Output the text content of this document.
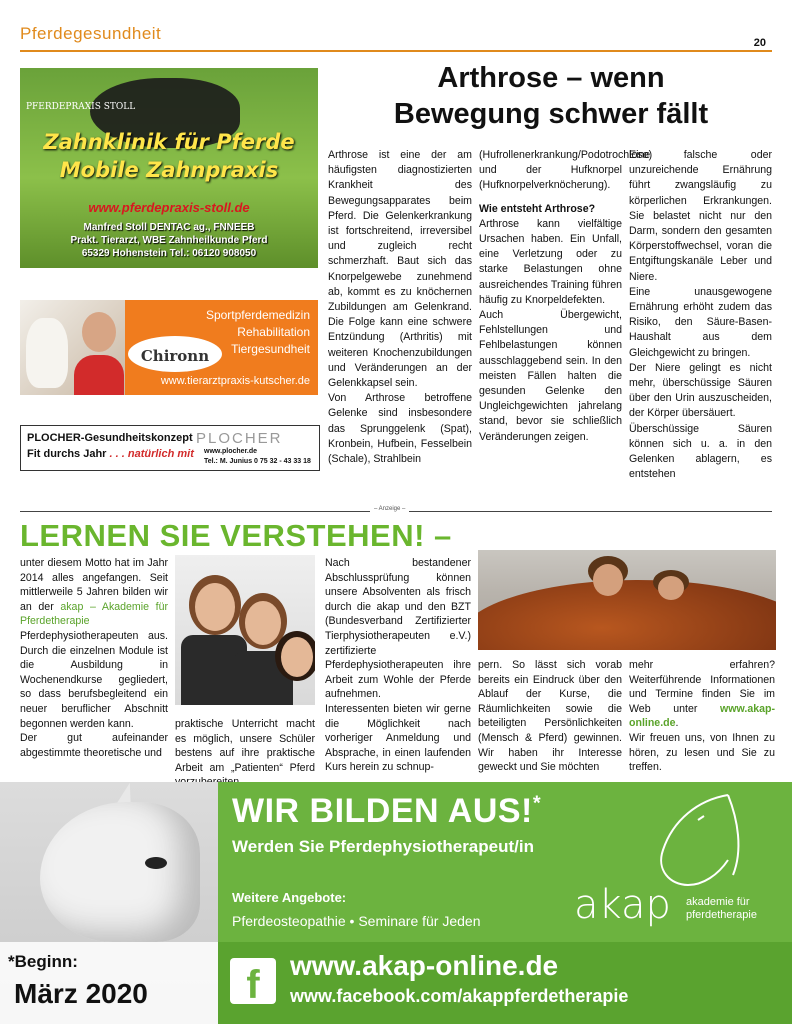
Pferdegesundheit	20
PFERDEPRAXIS STOLL
Zahnklinik für Pferde
Mobile Zahnpraxis
www.pferdepraxis-stoll.de
Manfred Stoll DENTAC ag., FNNEEB
Prakt. Tierarzt, WBE Zahnheilkunde Pferd
65329 Hohenstein Tel.: 06120 908050
Sportpferdemedizin
Rehabilitation
Tiergesundheit
Chironn
www.tierarztpraxis-kutscher.de
PLOCHER-Gesundheitskonzept
Fit durchs Jahr . . . natürlich mit
PLOCHER
www.plocher.de
Tel.: M. Junius 0 75 32 - 43 33 18
Arthrose – wenn
Bewegung schwer fällt

Arthrose ist eine der am häufigsten diagnostizierten Krankheit des Bewegungsapparates beim Pferd. Die Gelenkerkrankung ist fortschreitend, irreversibel und zugleich recht schmerzhaft. Baut sich das Knorpelgewebe zunehmend ab, kommt es zu knöchernen Zubildungen am Gelenkrand. Die Folge kann eine schwere Entzündung (Arthritis) mit weiteren Knochenzubildungen und Veränderungen an der Gelenkkapsel sein.

Von Arthrose betroffene Gelenke sind insbesondere das Sprunggelenk (Spat), Kronbein, Hufbein, Fesselbein (Schale), Strahlbein

(Hufrollenerkrankung/Podotrochlose) und der Hufknorpel (Hufknorpelverknöcherung).

Wie entsteht Arthrose?

Arthrose kann vielfältige Ursachen haben. Ein Unfall, eine Verletzung oder zu starke Belastungen ohne ausreichendes Training führen häufig zu Knorpeldefekten.

Auch Übergewicht, Fehlstellungen und Fehlbelastungen können ausschlaggebend sein. In den meisten Fällen halten die gesunden Gelenke den Ungleichgewichten jahrelang stand, bevor sie schließlich Veränderungen zeigen.

Eine falsche oder unzureichende Ernährung führt zwangsläufig zu körperlichen Erkrankungen. Sie belastet nicht nur den Darm, sondern den gesamten Körperstoffwechsel, voran die Entgiftungskanäle Leber und Niere.

Eine unausgewogene Ernährung erhöht zudem das Risiko, den Säure-Basen-Haushalt aus dem Gleichgewicht zu bringen.

Der Niere gelingt es nicht mehr, überschüssige Säuren über den Urin auszuscheiden, der Körper übersäuert.

Überschüssige Säuren können sich u. a. in den Gelenken ablagern, es entstehen

– Anzeige –
LERNEN SIE VERSTEHEN! –

unter diesem Motto hat im Jahr 2014 alles angefangen. Seit mittlerweile 5 Jahren bilden wir an der akap – Akademie für Pferdetherapie Pferdephysiotherapeuten aus. Durch die einzelnen Module ist die Ausbildung in Wochenendkurse gegliedert, so dass berufsbegleitend ein neuer beruflicher Abschnitt begonnen werden kann.

Der gut aufeinander abgestimmte theoretische und

praktische Unterricht macht es möglich, unsere Schüler bestens auf ihre praktische Arbeit am „Patienten“ Pferd

Nach bestandener Abschlussprüfung können unsere Absolventen als frisch durch die akap und den BZT (Bundesverband Zertifizierter Tierphysiotherapeuten e.V.) zertifizierte Pferdephysiotherapeuten ihre Arbeit zum Wohle der Pferde aufnehmen.

Interessenten bieten wir gerne die Möglichkeit nach vorheriger Anmeldung und Absprache, in einen laufenden Kurs herein zu schnup-

pern. So lässt sich vorab bereits ein Eindruck über den Ablauf der Kurse, die Räumlichkeiten sowie die beteiligten Persönlichkeiten (Mensch & Pferd) gewinnen. Wir haben ihr Interesse geweckt und Sie möchten

mehr erfahren? Weiterführende Informationen und Termine finden Sie im Web unter www.akap-online.de.

Wir freuen uns, von Ihnen zu hören, zu lesen und Sie zu treffen.

*Beginn:
März 2020
WIR BILDEN AUS!*
Werden Sie Pferdephysiotherapeut/in
Weitere Angebote:
Pferdeosteopathie • Seminare für Jeden akap akademie für
pferdetherapie
f	www.akap-online.de
www.facebook.com/akappferdetherapie
